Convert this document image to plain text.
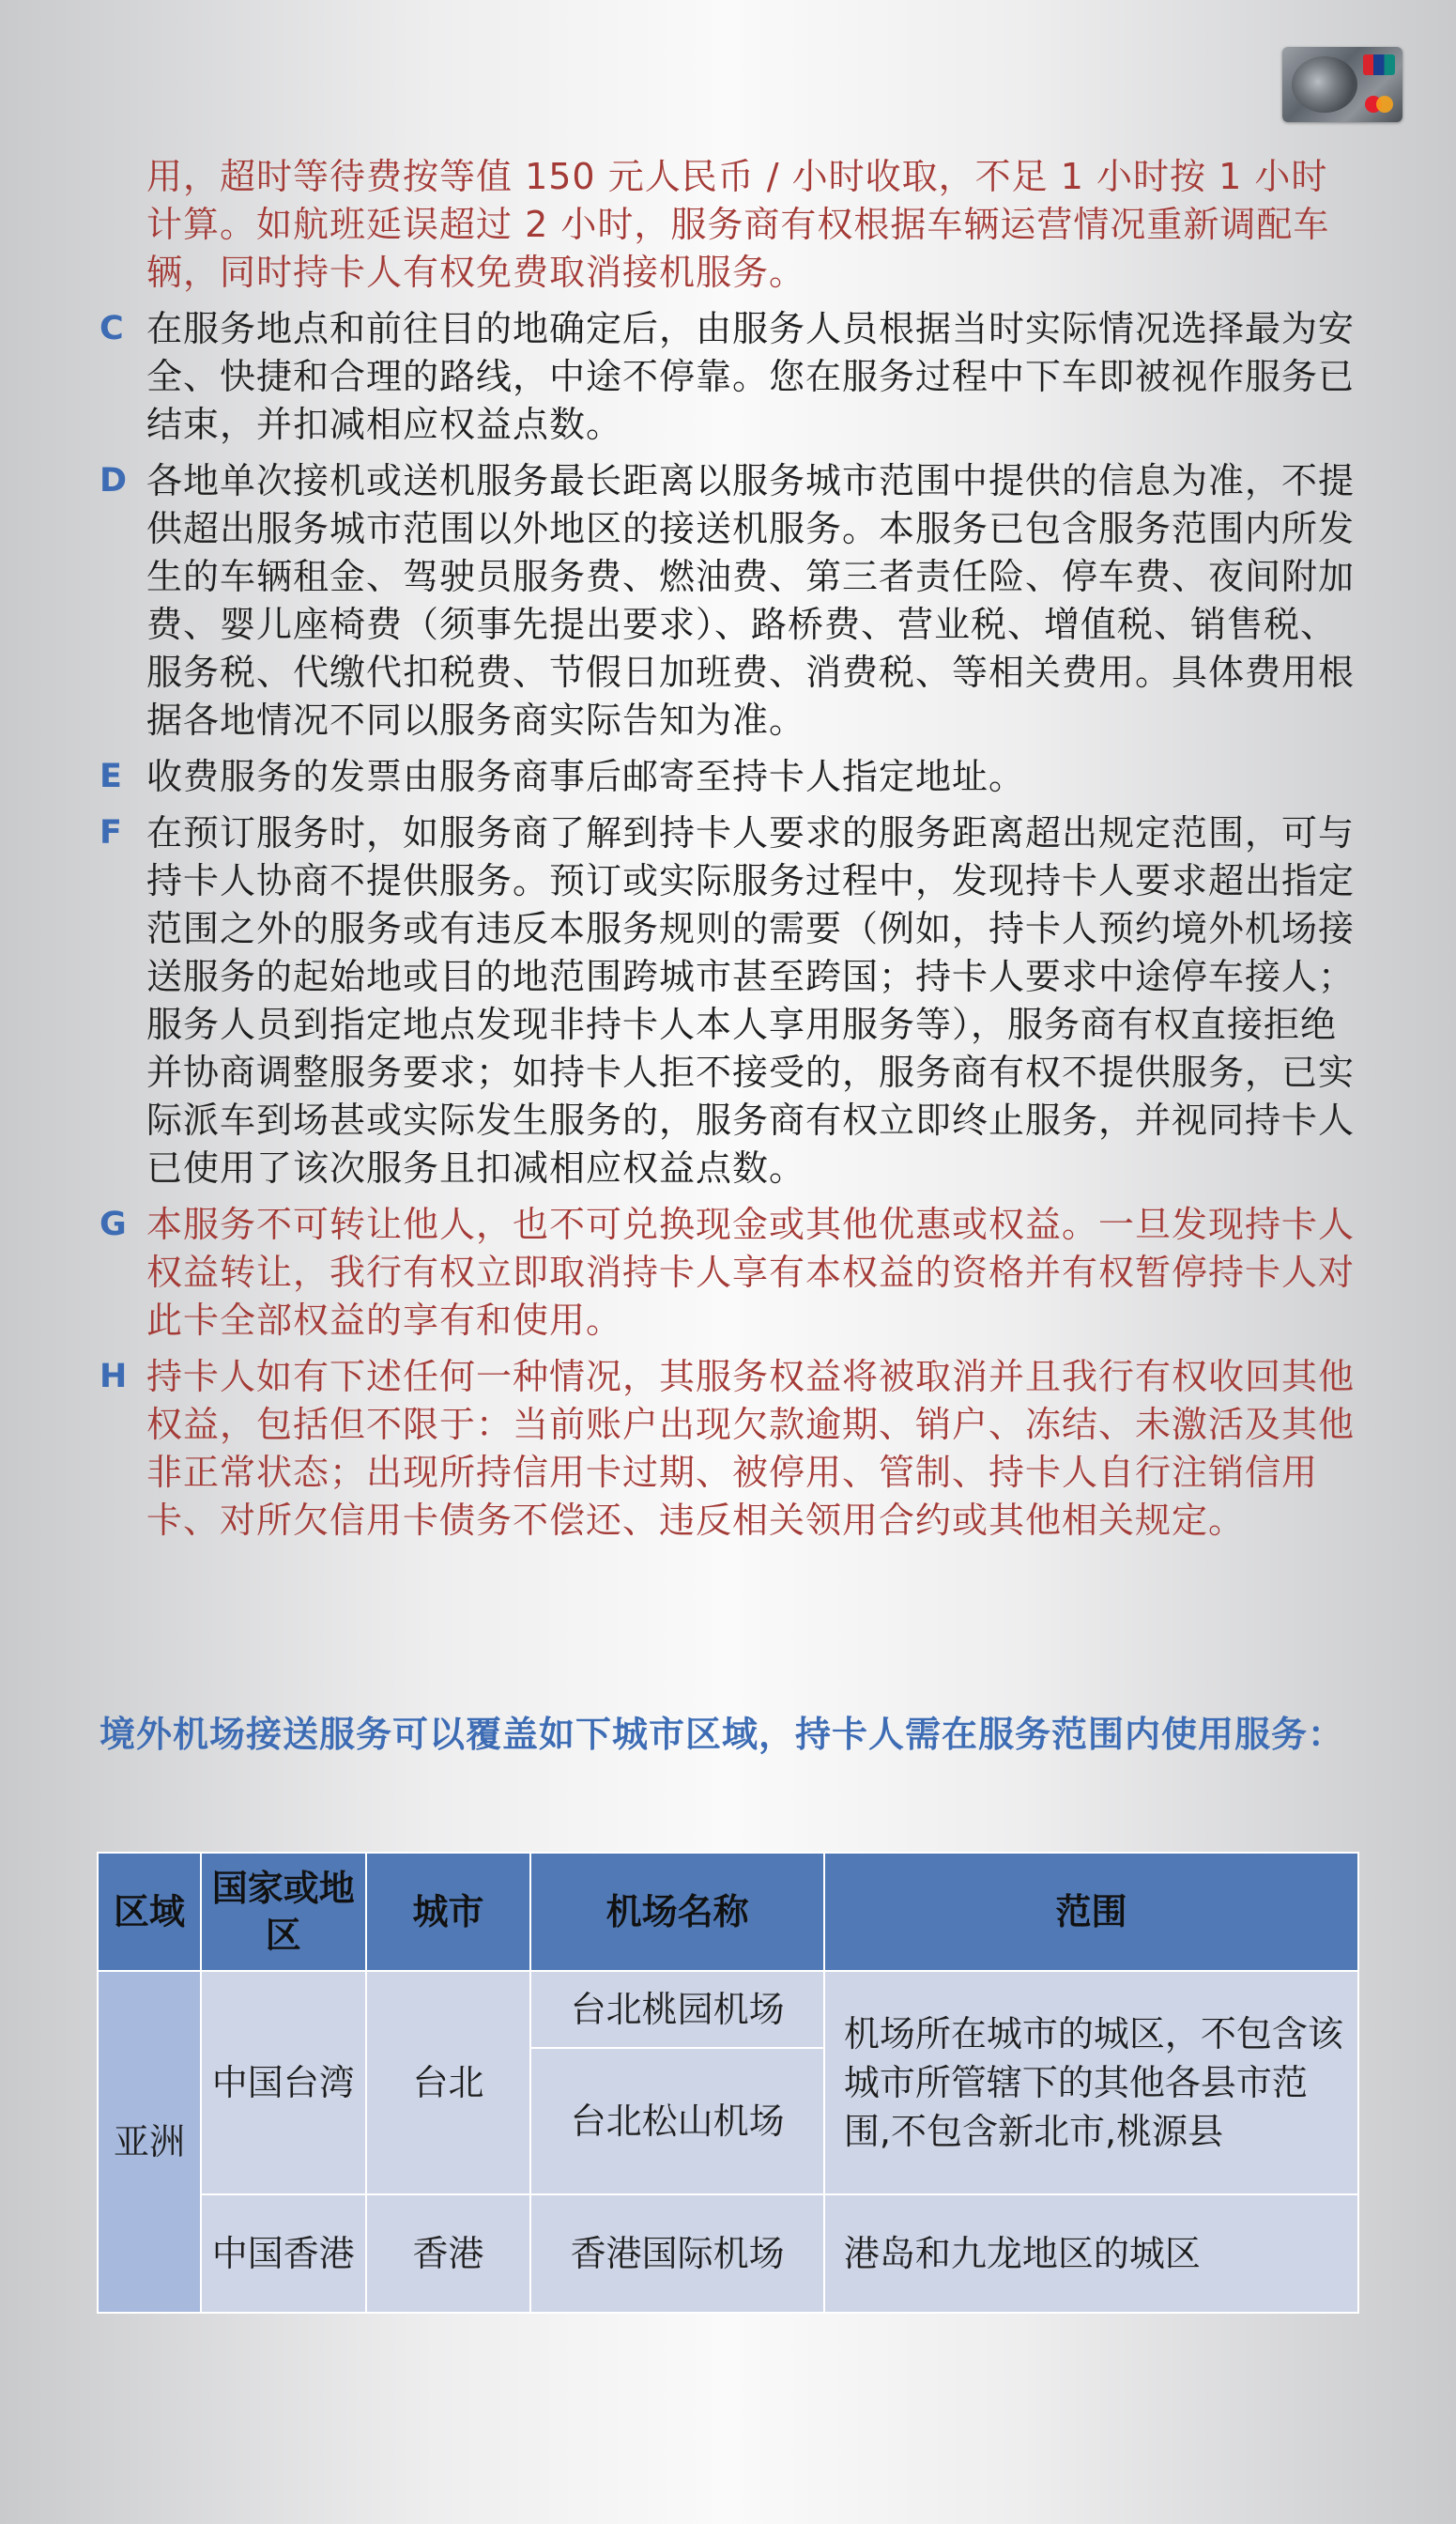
用，超时等待费按等值 150 元人民币 / 小时收取，不足 1 小时按 1 小时计算。如航班延误超过 2 小时，服务商有权根据车辆运营情况重新调配车辆，同时持卡人有权免费取消接机服务。

C 在服务地点和前往目的地确定后，由服务人员根据当时实际情况选择最为安全、快捷和合理的路线，中途不停靠。您在服务过程中下车即被视作服务已结束，并扣减相应权益点数。

D 各地单次接机或送机服务最长距离以服务城市范围中提供的信息为准，不提供超出服务城市范围以外地区的接送机服务。本服务已包含服务范围内所发生的车辆租金、驾驶员服务费、燃油费、第三者责任险、停车费、夜间附加费、婴儿座椅费（须事先提出要求）、路桥费、营业税、增值税、销售税、服务税、代缴代扣税费、节假日加班费、消费税、等相关费用。具体费用根据各地情况不同以服务商实际告知为准。

E 收费服务的发票由服务商事后邮寄至持卡人指定地址。

F 在预订服务时，如服务商了解到持卡人要求的服务距离超出规定范围，可与持卡人协商不提供服务。预订或实际服务过程中，发现持卡人要求超出指定范围之外的服务或有违反本服务规则的需要（例如，持卡人预约境外机场接送服务的起始地或目的地范围跨城市甚至跨国；持卡人要求中途停车接人；服务人员到指定地点发现非持卡人本人享用服务等），服务商有权直接拒绝并协商调整服务要求；如持卡人拒不接受的，服务商有权不提供服务，已实际派车到场甚或实际发生服务的，服务商有权立即终止服务，并视同持卡人已使用了该次服务且扣减相应权益点数。

G 本服务不可转让他人，也不可兑换现金或其他优惠或权益。一旦发现持卡人权益转让，我行有权立即取消持卡人享有本权益的资格并有权暂停持卡人对此卡全部权益的享有和使用。

H 持卡人如有下述任何一种情况，其服务权益将被取消并且我行有权收回其他权益，包括但不限于：当前账户出现欠款逾期、销户、冻结、未激活及其他非正常状态；出现所持信用卡过期、被停用、管制、持卡人自行注销信用卡、对所欠信用卡债务不偿还、违反相关领用合约或其他相关规定。

境外机场接送服务可以覆盖如下城市区域，持卡人需在服务范围内使用服务：
区域	国家或地区	城市	机场名称	范围
亚洲	中国台湾	台北	台北桃园机场	机场所在城市的城区，不包含该城市所管辖下的其他各县市范围,不包含新北市,桃源县
			台北松山机场	
	中国香港	香港	香港国际机场	港岛和九龙地区的城区
